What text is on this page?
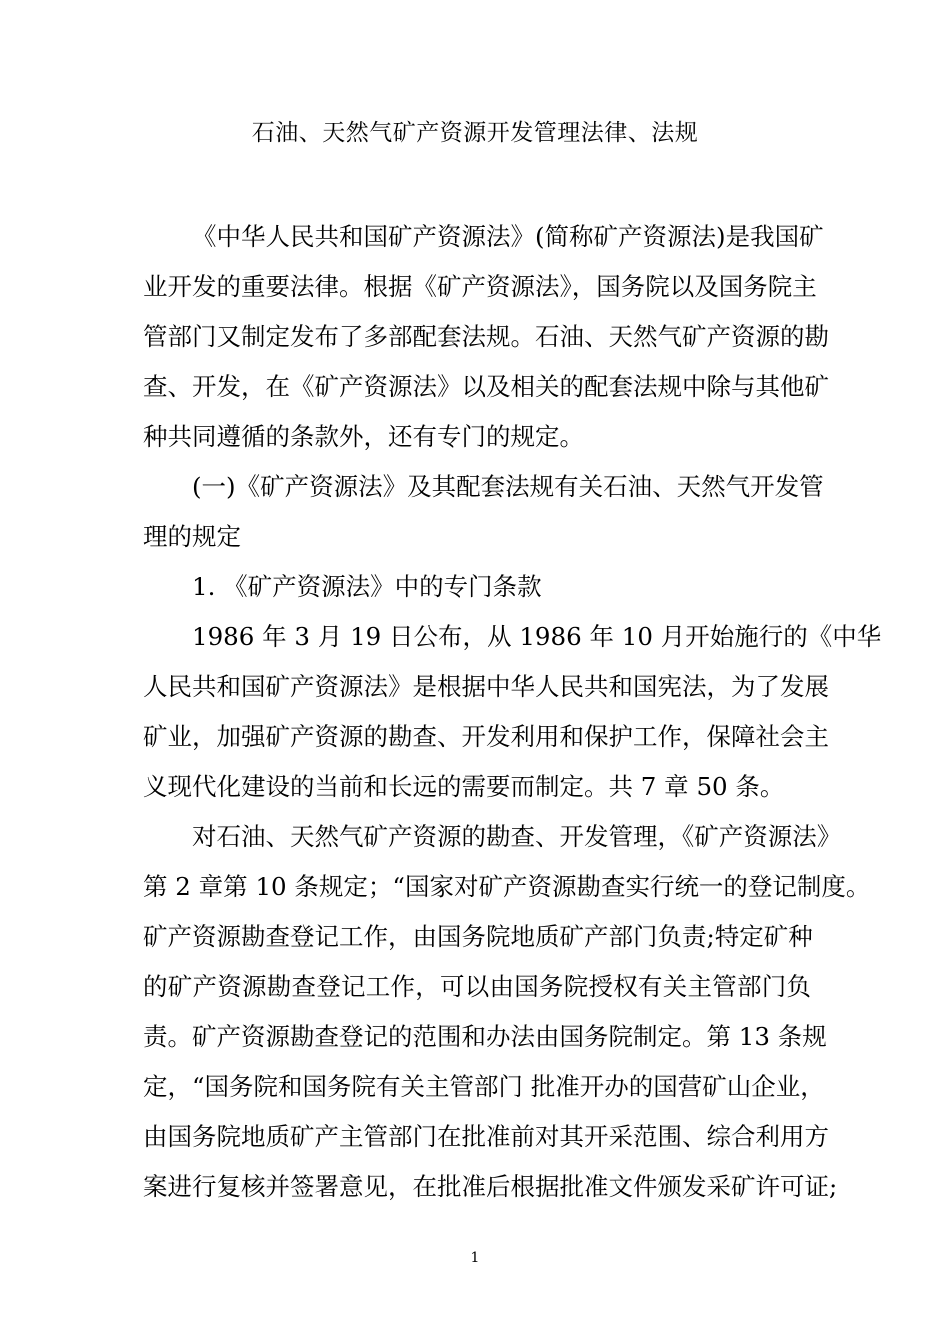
石油、天然气矿产资源开发管理法律、法规
《中华人民共和国矿产资源法》(简称矿产资源法)是我国矿
业开发的重要法律。根据《矿产资源法》，国务院以及国务院主
管部门又制定发布了多部配套法规。石油、天然气矿产资源的勘
查、开发，在《矿产资源法》以及相关的配套法规中除与其他矿
种共同遵循的条款外，还有专门的规定。
(一)《矿产资源法》及其配套法规有关石油、天然气开发管
理的规定
1. 《矿产资源法》中的专门条款
1986 年 3 月 19 日公布，从 1986 年 10 月开始施行的《中华
人民共和国矿产资源法》是根据中华人民共和国宪法，为了发展
矿业，加强矿产资源的勘查、开发利用和保护工作，保障社会主
义现代化建设的当前和长远的需要而制定。共 7 章 50 条。
对石油、天然气矿产资源的勘查、开发管理，《矿产资源法》
第 2 章第 10 条规定；“国家对矿产资源勘查实行统一的登记制度。
矿产资源勘查登记工作，由国务院地质矿产部门负责;特定矿种
的矿产资源勘查登记工作，可以由国务院授权有关主管部门负
责。矿产资源勘查登记的范围和办法由国务院制定。第 13 条规
定，“国务院和国务院有关主管部门 批准开办的国营矿山企业，
由国务院地质矿产主管部门在批准前对其开采范围、综合利用方
案进行复核并签署意见，在批准后根据批准文件颁发采矿许可证;
1
